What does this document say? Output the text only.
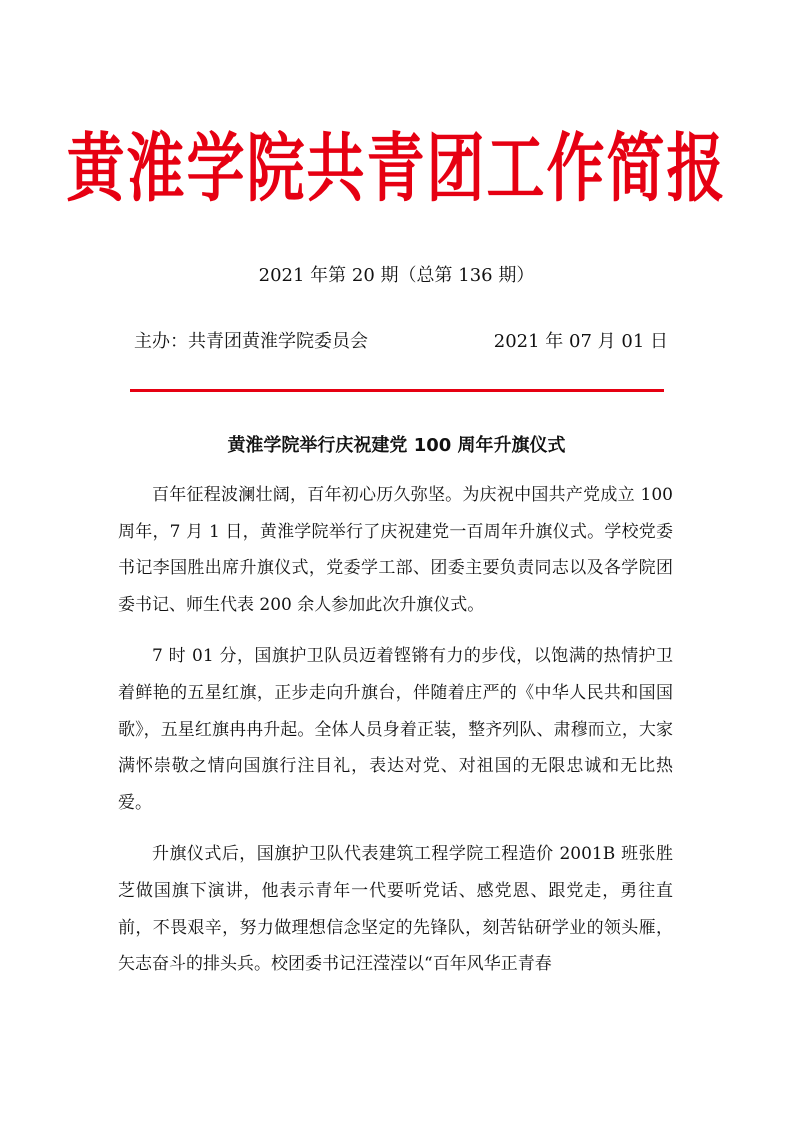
黄淮学院共青团工作简报
2021 年第 20 期（总第 136 期）
主办：共青团黄淮学院委员会	2021 年 07 月 01 日
黄淮学院举行庆祝建党 100 周年升旗仪式

百年征程波澜壮阔，百年初心历久弥坚。为庆祝中国共产党成立 100 周年，7 月 1 日，黄淮学院举行了庆祝建党一百周年升旗仪式。学校党委书记李国胜出席升旗仪式，党委学工部、团委主要负责同志以及各学院团委书记、师生代表 200 余人参加此次升旗仪式。

7 时 01 分，国旗护卫队员迈着铿锵有力的步伐，以饱满的热情护卫着鲜艳的五星红旗，正步走向升旗台，伴随着庄严的《中华人民共和国国歌》，五星红旗冉冉升起。全体人员身着正装，整齐列队、肃穆而立，大家满怀崇敬之情向国旗行注目礼，表达对党、对祖国的无限忠诚和无比热爱。

升旗仪式后，国旗护卫队代表建筑工程学院工程造价 2001B 班张胜芝做国旗下演讲，他表示青年一代要听党话、感党恩、跟党走，勇往直前，不畏艰辛，努力做理想信念坚定的先锋队，刻苦钻研学业的领头雁，矢志奋斗的排头兵。校团委书记汪滢滢以“百年风华正青春
